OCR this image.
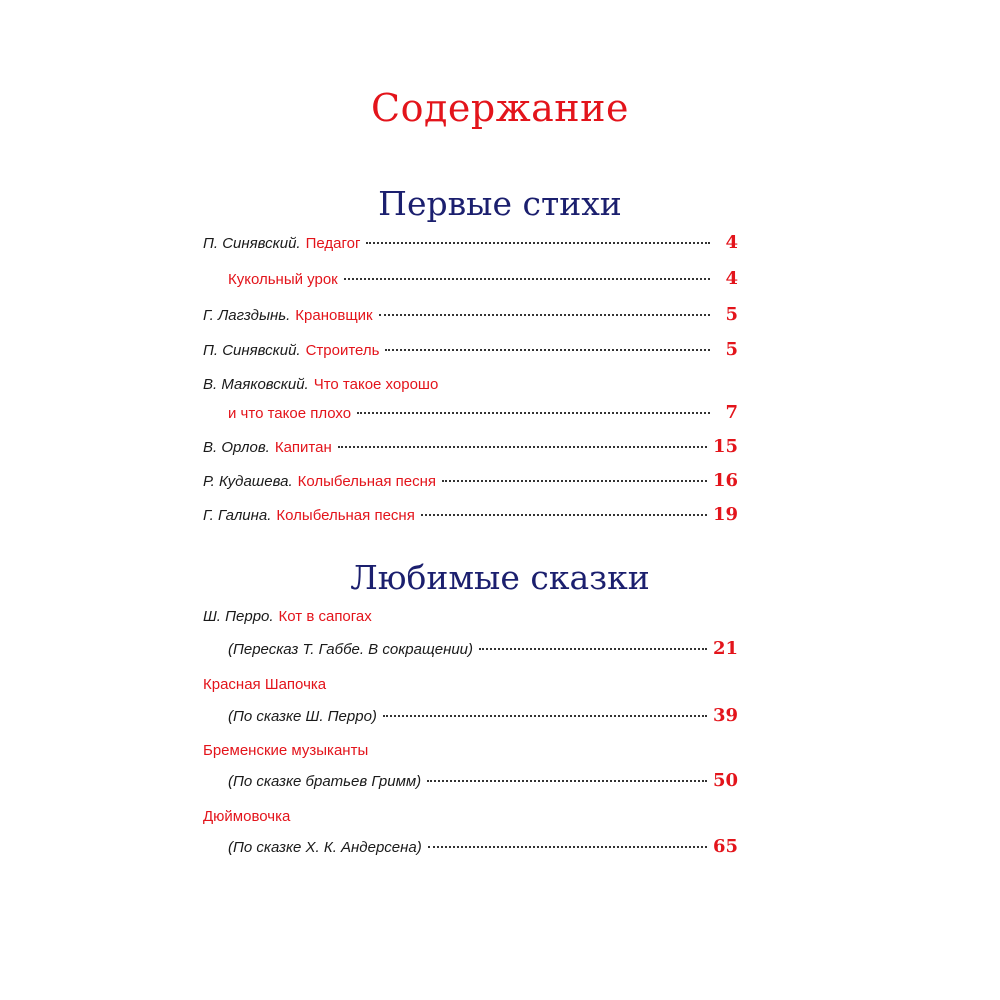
Содержание
Первые стихи
П. Синявский. Педагог	4
Кукольный урок	4
Г. Лагздынь. Крановщик	5
П. Синявский. Строитель	5
В. Маяковский. Что такое хорошо
и что такое плохо	7
В. Орлов. Капитан	15
Р. Кудашева. Колыбельная песня	16
Г. Галина. Колыбельная песня	19
Любимые сказки
Ш. Перро. Кот в сапогах
(Пересказ Т. Габбе. В сокращении)	21
Красная Шапочка
(По сказке Ш. Перро)	39
Бременские музыканты
(По сказке братьев Гримм)	50
Дюймовочка
(По сказке Х. К. Андерсена)	65
